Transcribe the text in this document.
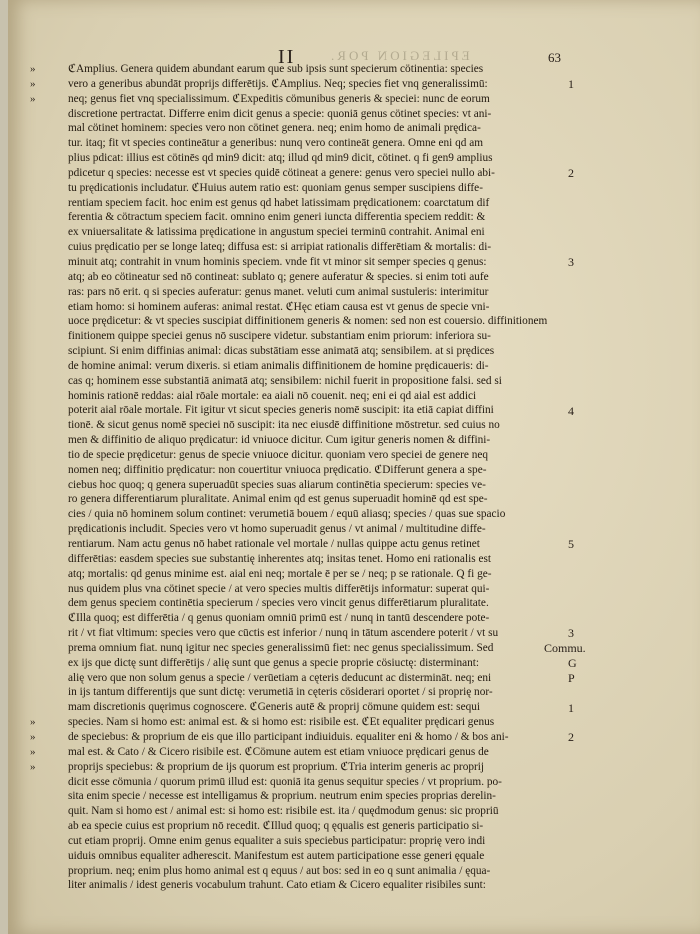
EPILEGION POR.
II	63
ℭAmplius. Genera quidem abundant earum que sub ipsis sunt specierum cötinentia: species
vero a generibus abundāt proprijs differētijs. ℭAmplius. Neq; species fiet vnq generalissimū:
neq; genus fiet vnq specialissimum. ℭExpeditis cömunibus generis & speciei: nunc de eorum
discretione pertractat. Differre enim dicit genus a specie: quoniā genus cötinet species: vt ani-
mal cötinet hominem: species vero non cötinet genera. neq; enim homo de animali prędica-
tur. itaq; fit vt species contineātur a generibus: nunq vero contineāt genera. Omne eni qd am
plius pdicat: illius est cötinēs qd min9 dicit: atq; illud qd min9 dicit, cötinet. q fi gen9 amplius
pdicetur q species: necesse est vt species quidē cötineat a genere: genus vero speciei nullo abi-
tu prędicationis includatur. ℭHuius autem ratio est: quoniam genus semper suscipiens diffe-
rentiam speciem facit. hoc enim est genus qd habet latissimam prędicationem: coarctatum dif
ferentia & cötractum speciem facit. omnino enim generi iuncta differentia speciem reddit: &
ex vniuersalitate & latissima prędicatione in angustum speciei terminū contrahit. Animal eni
cuius prędicatio per se longe lateq; diffusa est: si arripiat rationalis differētiam & mortalis: di-
minuit atq; contrahit in vnum hominis speciem. vnde fit vt minor sit semper species q genus:
atq; ab eo cötineatur sed nō contineat: sublato q; genere auferatur & species. si enim toti aufe
ras: pars nō erit. q si species auferatur: genus manet. veluti cum animal sustuleris: interimitur
etiam homo: si hominem auferas: animal restat. ℭHęc etiam causa est vt genus de specie vni-
uoce prędicetur: & vt species suscipiat diffinitionem generis & nomen: sed non est couersio. diffinitionem
finitionem quippe speciei genus nō suscipere videtur. substantiam enim priorum: inferiora su-
scipiunt. Si enim diffinias animal: dicas substātiam esse animatā atq; sensibilem. at si prędices
de homine animal: verum dixeris. si etiam animalis diffinitionem de homine prędicaueris: di-
cas q; hominem esse substantiā animatā atq; sensibilem: nichil fuerit in propositione falsi. sed si
hominis rationē reddas: aial rōale mortale: ea aiali nō couenit. neq; eni ei qd aial est addici
poterit aial rōale mortale. Fit igitur vt sicut species generis nomē suscipit: ita etiā capiat diffini
tionē. & sicut genus nomē speciei nō suscipit: ita nec eiusdē diffinitione mōstretur. sed cuius no
men & diffinitio de aliquo prędicatur: id vniuoce dicitur. Cum igitur generis nomen & diffini-
tio de specie prędicetur: genus de specie vniuoce dicitur. quoniam vero speciei de genere neq
nomen neq; diffinitio prędicatur: non couertitur vniuoca prędicatio. ℭDifferunt genera a spe-
ciebus hoc quoq; q genera superuadūt species suas aliarum continētia specierum: species ve-
ro genera differentiarum pluralitate. Animal enim qd est genus superuadit hominē qd est spe-
cies / quia nō hominem solum continet: verumetiā bouem / equū aliasq; species / quas sue spacio
prędicationis includit. Species vero vt homo superuadit genus / vt animal / multitudine diffe-
rentiarum. Nam actu genus nō habet rationale vel mortale / nullas quippe actu genus retinet
differētias: easdem species sue substantię inherentes atq; insitas tenet. Homo eni rationalis est
atq; mortalis: qd genus minime est. aial eni neq; mortale ē per se / neq; p se rationale. Q fi ge-
nus quidem plus vna cötinet specie / at vero species multis differētijs informatur: superat qui-
dem genus speciem continētia specierum / species vero vincit genus differētiarum pluralitate.
ℭIlla quoq; est differētia / q genus quoniam omniū primū est / nunq in tantū descendere pote-
rit / vt fiat vltimum: species vero que cūctis est inferior / nunq in tātum ascendere poterit / vt su
prema omnium fiat. nunq igitur nec species generalissimū fiet: nec genus specialissimum. Sed
ex ijs que dictę sunt differētijs / alię sunt que genus a specie proprie cösiuctę: disterminant:
alię vero que non solum genus a specie / verūetiam a cęteris deducunt ac distermināt. neq; eni
in ijs tantum differentijs que sunt dictę: verumetiā in cęteris cösiderari oportet / si proprię nor-
mam discretionis quęrimus cognoscere. ℭGeneris autē & proprij cömune quidem est: sequi
species. Nam si homo est: animal est. & si homo est: risibile est. ℭEt equaliter prędicari genus
de speciebus: & proprium de eis que illo participant indiuiduis. equaliter eni & homo / & bos ani-
mal est. & Cato / & Cicero risibile est. ℭCömune autem est etiam vniuoce prędicari genus de
proprijs speciebus: & proprium de ijs quorum est proprium. ℭTria interim generis ac proprij
dicit esse cömunia / quorum primū illud est: quoniā ita genus sequitur species / vt proprium. po-
sita enim specie / necesse est intelligamus & proprium. neutrum enim species proprias derelin-
quit. Nam si homo est / animal est: si homo est: risibile est. ita / quędmodum genus: sic propriū
ab ea specie cuius est proprium nō recedit. ℭIllud quoq; q ęqualis est generis participatio si-
cut etiam proprij. Omne enim genus equaliter a suis speciebus participatur: proprię vero indi
uiduis omnibus equaliter adherescit. Manifestum est autem participatione esse generi ęquale
proprium. neq; enim plus homo animal est q equus / aut bos: sed in eo q sunt animalia / ęqua-
liter animalis / idest generis vocabulum trahunt. Cato etiam & Cicero equaliter risibiles sunt:
»
»
»
»
»
»
»
1
2
3
4
5
3
Commu.
G
P
1
2
